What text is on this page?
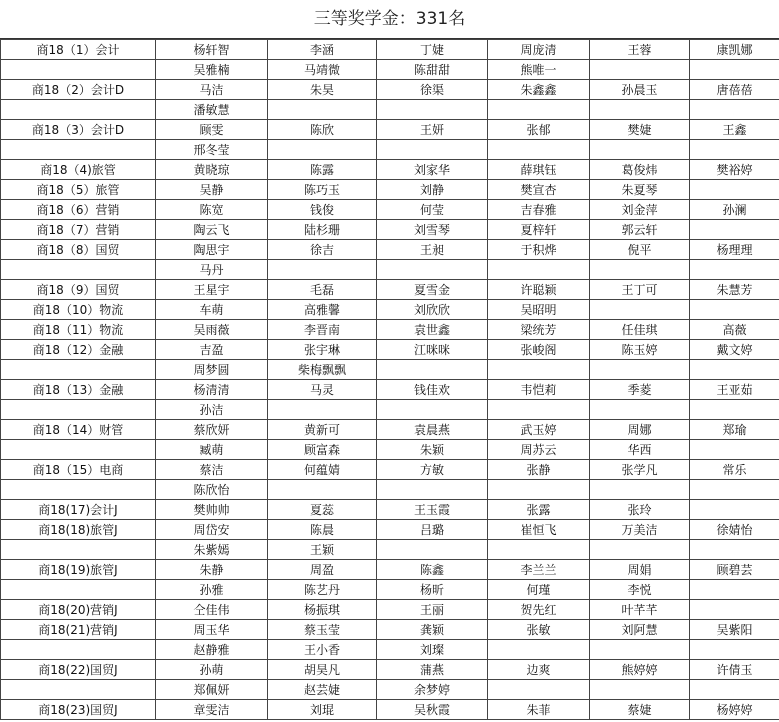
三等奖学金：331名
商18（1）会计	杨轩智	李涵	丁婕	周庞清	王蓉	康凯娜
	吴雅楠	马靖微	陈甜甜	熊唯一		
商18（2）会计D	马洁	朱昊	徐渠	朱鑫鑫	孙晨玉	唐蓓蓓
	潘敏慧					
商18（3）会计D	顾雯	陈欣	王妍	张郁	樊婕	王鑫
	邢冬莹					
商18（4)旅管	黄晓琼	陈露	刘家华	薛琪钰	葛俊炜	樊裕婷
商18（5）旅管	吴静	陈巧玉	刘静	樊宣杏	朱夏琴	
商18（6）营销	陈宽	钱俊	何莹	吉春雅	刘金萍	孙澜
商18（7）营销	陶云飞	陆杉珊	刘雪琴	夏梓轩	郭云轩	
商18（8）国贸	陶思宇	徐吉	王昶	于积烨	倪平	杨理理
	马丹					
商18（9）国贸	王星宇	毛磊	夏雪金	许聪颖	王丁可	朱慧芳
商18（10）物流	车萌	高雅馨	刘欣欣	吴昭明		
商18（11）物流	吴雨薇	李晋南	袁世鑫	梁统芳	任佳琪	高薇
商18（12）金融	吉盈	张宇琳	江咪咪	张峻阁	陈玉婷	戴文婷
	周梦圆	柴梅飘飘				
商18（13）金融	杨清清	马灵	钱佳欢	韦恺莉	季菱	王亚茹
	孙洁					
商18（14）财管	蔡欣妍	黄新可	袁晨燕	武玉婷	周娜	郑瑜
	臧萌	顾富森	朱颖	周苏云	华西	
商18（15）电商	蔡洁	何蕴婧	方敏	张静	张学凡	常乐
	陈欣怡					
商18(17)会计J	樊帅帅	夏蕊	王玉霞	张露	张玲	
商18(18)旅管J	周岱安	陈晨	吕璐	崔恒飞	万美洁	徐婧怡
	朱紫嫣	王颖				
商18(19)旅管J	朱静	周盈	陈鑫	李兰兰	周娟	顾碧芸
	孙雅	陈艺丹	杨昕	何瑾	李悦	
商18(20)营销J	仝佳伟	杨振琪	王丽	贺先红	叶芊芊	
商18(21)营销J	周玉华	蔡玉莹	龚颖	张敏	刘阿慧	吴紫阳
	赵静雅	王小香	刘璨			
商18(22)国贸J	孙萌	胡昊凡	蒲燕	边爽	熊婷婷	许倩玉
	郑佩妍	赵芸婕	余梦婷			
商18(23)国贸J	章雯洁	刘琨	吴秋霞	朱菲	蔡婕	杨婷婷
